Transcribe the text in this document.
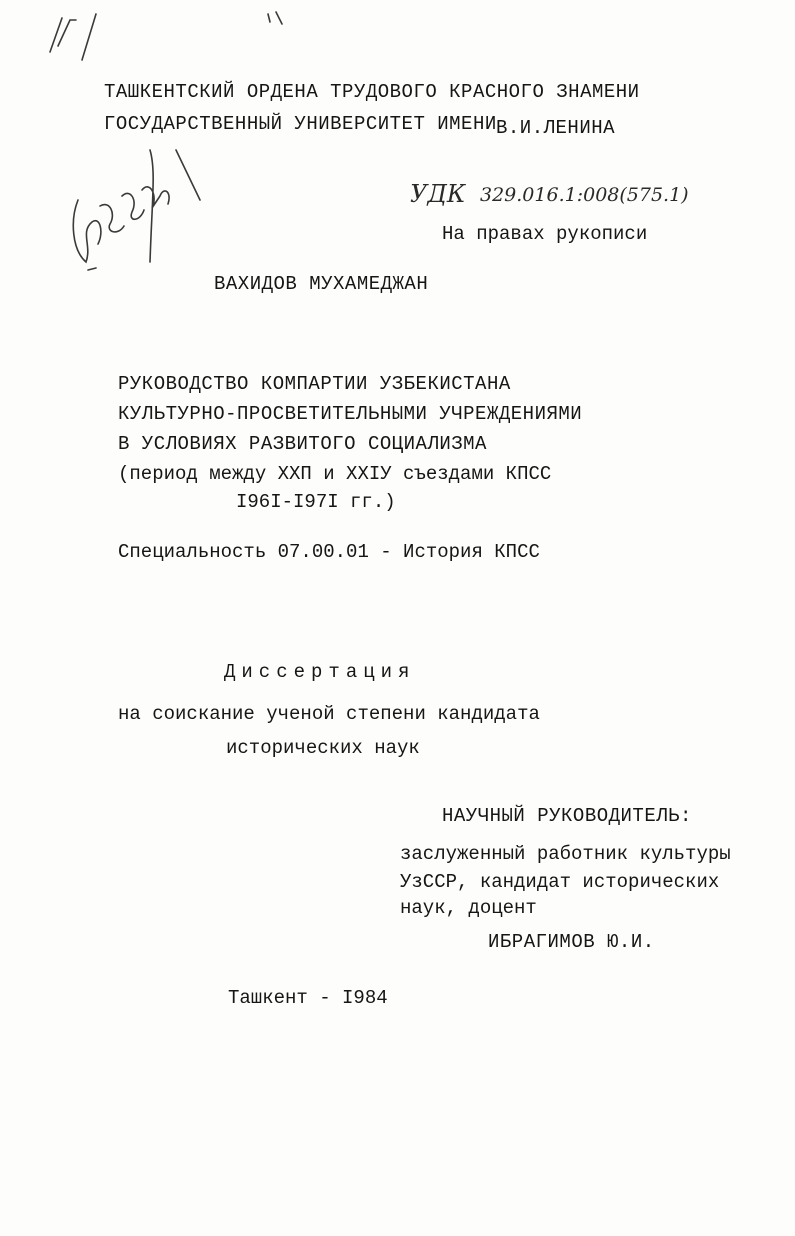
ТАШКЕНТСКИЙ ОРДЕНА ТРУДОВОГО КРАСНОГО ЗНАМЕНИ
ГОСУДАРСТВЕННЫЙ УНИВЕРСИТЕТ ИМЕНИ В.И.ЛЕНИНА
УДК 329.016.1:008(575.1)
На правах рукописи
ВАХИДОВ МУХАМЕДЖАН
РУКОВОДСТВО КОМПАРТИИ УЗБЕКИСТАНА
КУЛЬТУРНО-ПРОСВЕТИТЕЛЬНЫМИ УЧРЕЖДЕНИЯМИ
В УСЛОВИЯХ РАЗВИТОГО СОЦИАЛИЗМА
(период между ХХП и ХХIУ съездами КПСС
I96I-I97I гг.)
Специальность 07.00.01 - История КПСС
Диссертация
на соискание ученой степени кандидата
исторических наук
НАУЧНЫЙ РУКОВОДИТЕЛЬ:
заслуженный работник культуры
УзССР, кандидат исторических
наук, доцент
ИБРАГИМОВ Ю.И.
Ташкент - I984
